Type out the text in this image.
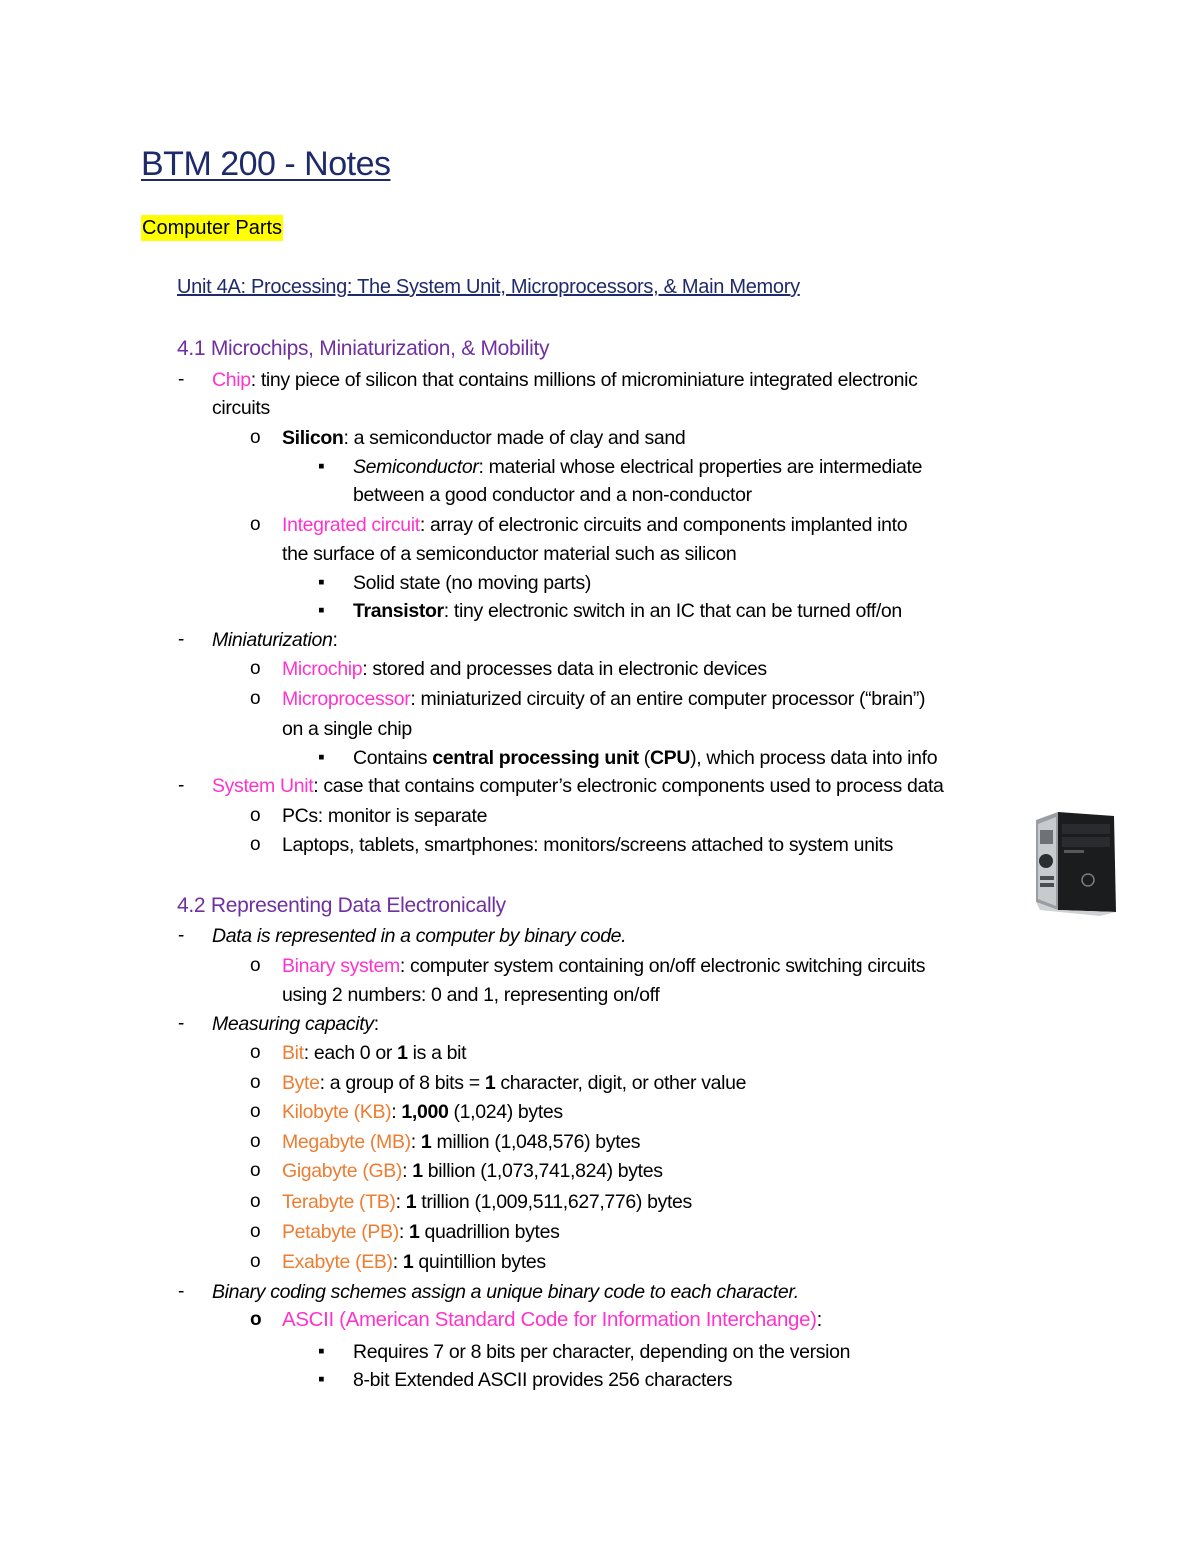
BTM 200 - Notes
Computer Parts
Unit 4A: Processing: The System Unit, Microprocessors, & Main Memory
4.1 Microchips, Miniaturization, & Mobility
- Chip: tiny piece of silicon that contains millions of microminiature integrated electronic
circuits
o Silicon: a semiconductor made of clay and sand
▪ Semiconductor: material whose electrical properties are intermediate
between a good conductor and a non-conductor
o Integrated circuit: array of electronic circuits and components implanted into
the surface of a semiconductor material such as silicon
▪ Solid state (no moving parts)
▪ Transistor: tiny electronic switch in an IC that can be turned off/on
- Miniaturization:
o Microchip: stored and processes data in electronic devices
o Microprocessor: miniaturized circuity of an entire computer processor (“brain”)
on a single chip
▪ Contains central processing unit (CPU), which process data into info
- System Unit: case that contains computer’s electronic components used to process data
o PCs: monitor is separate
o Laptops, tablets, smartphones: monitors/screens attached to system units
4.2 Representing Data Electronically
- Data is represented in a computer by binary code.
o Binary system: computer system containing on/off electronic switching circuits
using 2 numbers: 0 and 1, representing on/off
- Measuring capacity:
o Bit: each 0 or 1 is a bit
o Byte: a group of 8 bits = 1 character, digit, or other value
o Kilobyte (KB): 1,000 (1,024) bytes
o Megabyte (MB): 1 million (1,048,576) bytes
o Gigabyte (GB): 1 billion (1,073,741,824) bytes
o Terabyte (TB): 1 trillion (1,009,511,627,776) bytes
o Petabyte (PB): 1 quadrillion bytes
o Exabyte (EB): 1 quintillion bytes
- Binary coding schemes assign a unique binary code to each character.
o ASCII (American Standard Code for Information Interchange):
▪ Requires 7 or 8 bits per character, depending on the version
▪ 8-bit Extended ASCII provides 256 characters
